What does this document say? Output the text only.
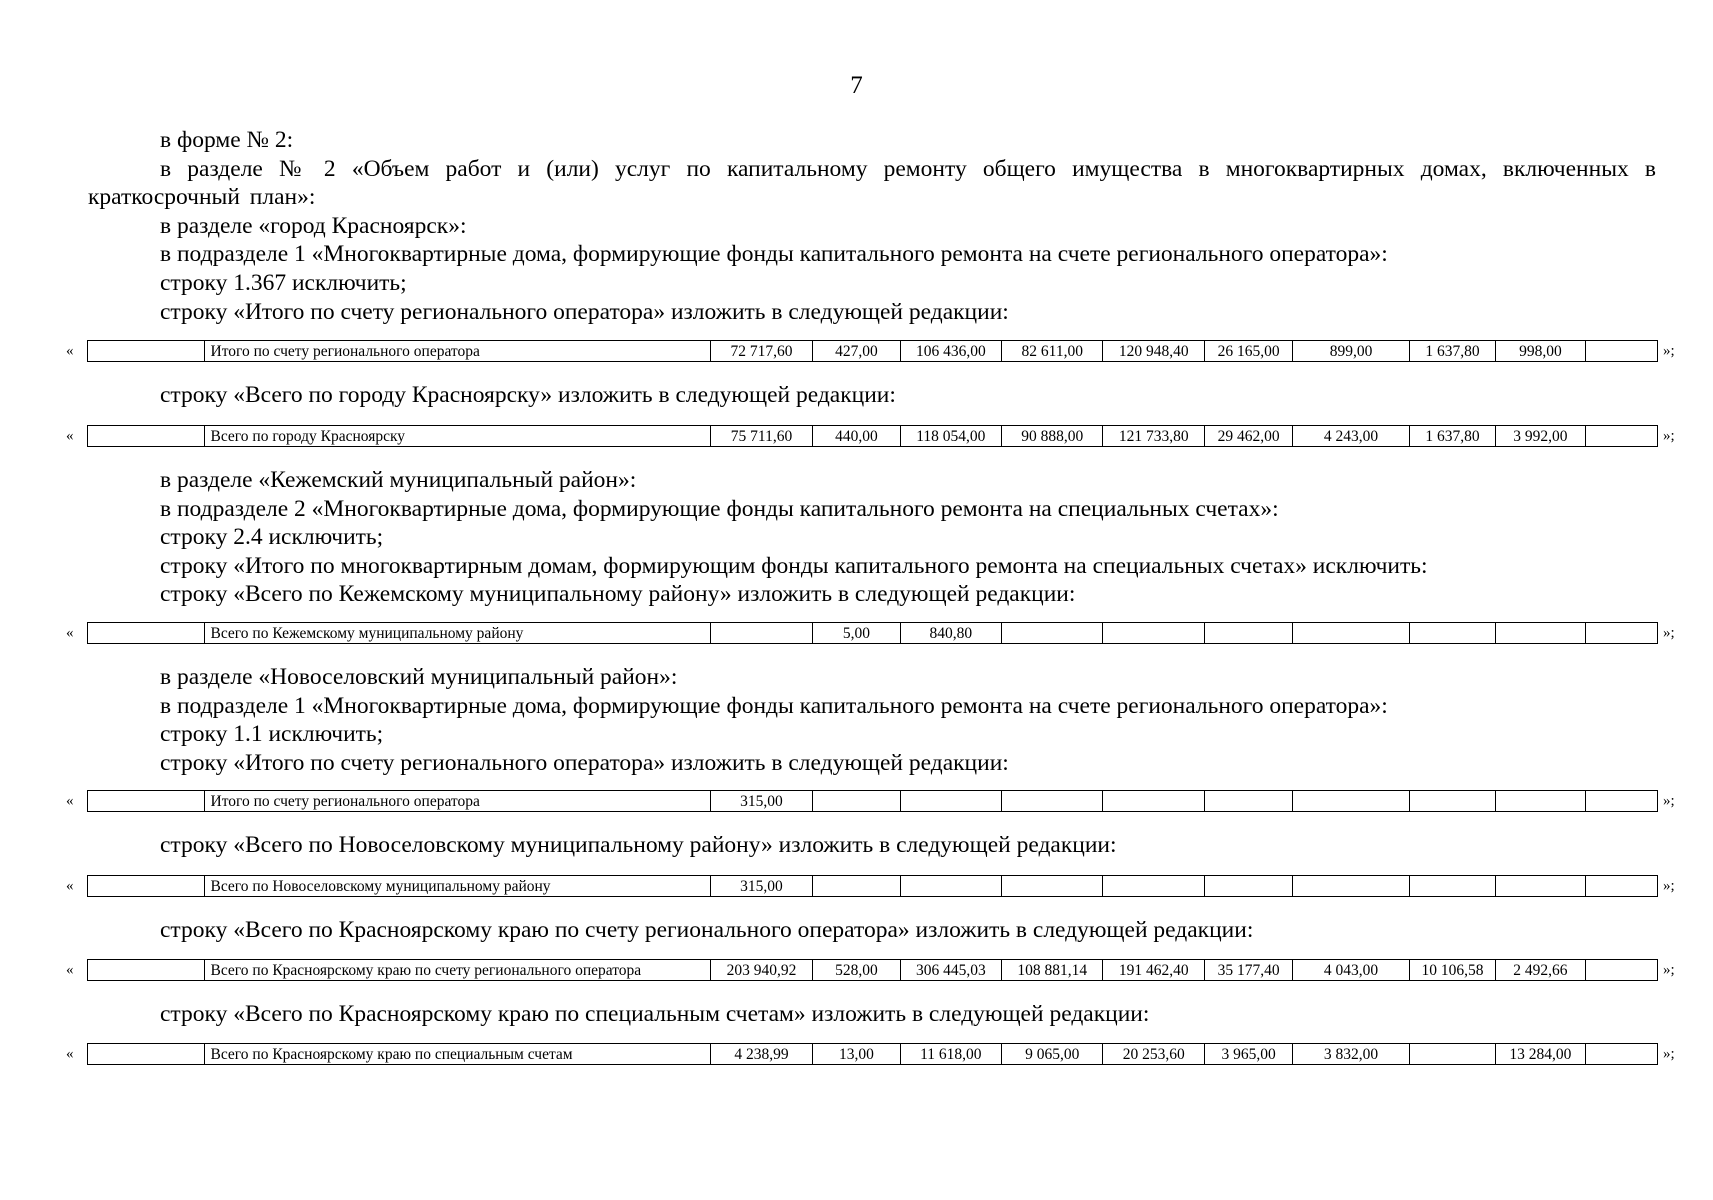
7
в форме № 2:
в разделе № 2 «Объем работ и (или) услуг по капитальному ремонту общего имущества в многоквартирных домах, включенных в краткосрочный план»:
в разделе «город Красноярск»:
в подразделе 1 «Многоквартирные дома, формирующие фонды капитального ремонта на счете регионального оператора»:
строку 1.367 исключить;
строку «Итого по счету регионального оператора» изложить в следующей редакции:
«
		Итого по счету регионального оператора	72 717,60	427,00	106 436,00	82 611,00	120 948,40	26 165,00	899,00	1 637,80	998,00		»;
строку «Всего по городу Красноярску» изложить в следующей редакции:
«
		Всего по городу Красноярску	75 711,60	440,00	118 054,00	90 888,00	121 733,80	29 462,00	4 243,00	1 637,80	3 992,00		»;
в разделе «Кежемский муниципальный район»:
в подразделе 2 «Многоквартирные дома, формирующие фонды капитального ремонта на специальных счетах»:
строку 2.4 исключить;
строку «Итого по многоквартирным домам, формирующим фонды капитального ремонта на специальных счетах» исключить:
строку «Всего по Кежемскому муниципальному району» изложить в следующей редакции:
«
		Всего по Кежемскому муниципальному району		5,00	840,80								»;
в разделе «Новоселовский муниципальный район»:
в подразделе 1 «Многоквартирные дома, формирующие фонды капитального ремонта на счете регионального оператора»:
строку 1.1 исключить;
строку «Итого по счету регионального оператора» изложить в следующей редакции:
«
		Итого по счету регионального оператора	315,00										»;
строку «Всего по Новоселовскому муниципальному району» изложить в следующей редакции:
«
		Всего по Новоселовскому муниципальному району	315,00										»;
строку «Всего по Красноярскому краю по счету регионального оператора» изложить в следующей редакции:
«
		Всего по Красноярскому краю по счету регионального оператора	203 940,92	528,00	306 445,03	108 881,14	191 462,40	35 177,40	4 043,00	10 106,58	2 492,66		»;
строку «Всего по Красноярскому краю по специальным счетам» изложить в следующей редакции:
«
		Всего по Красноярскому краю по специальным счетам	4 238,99	13,00	11 618,00	9 065,00	20 253,60	3 965,00	3 832,00		13 284,00		»;
